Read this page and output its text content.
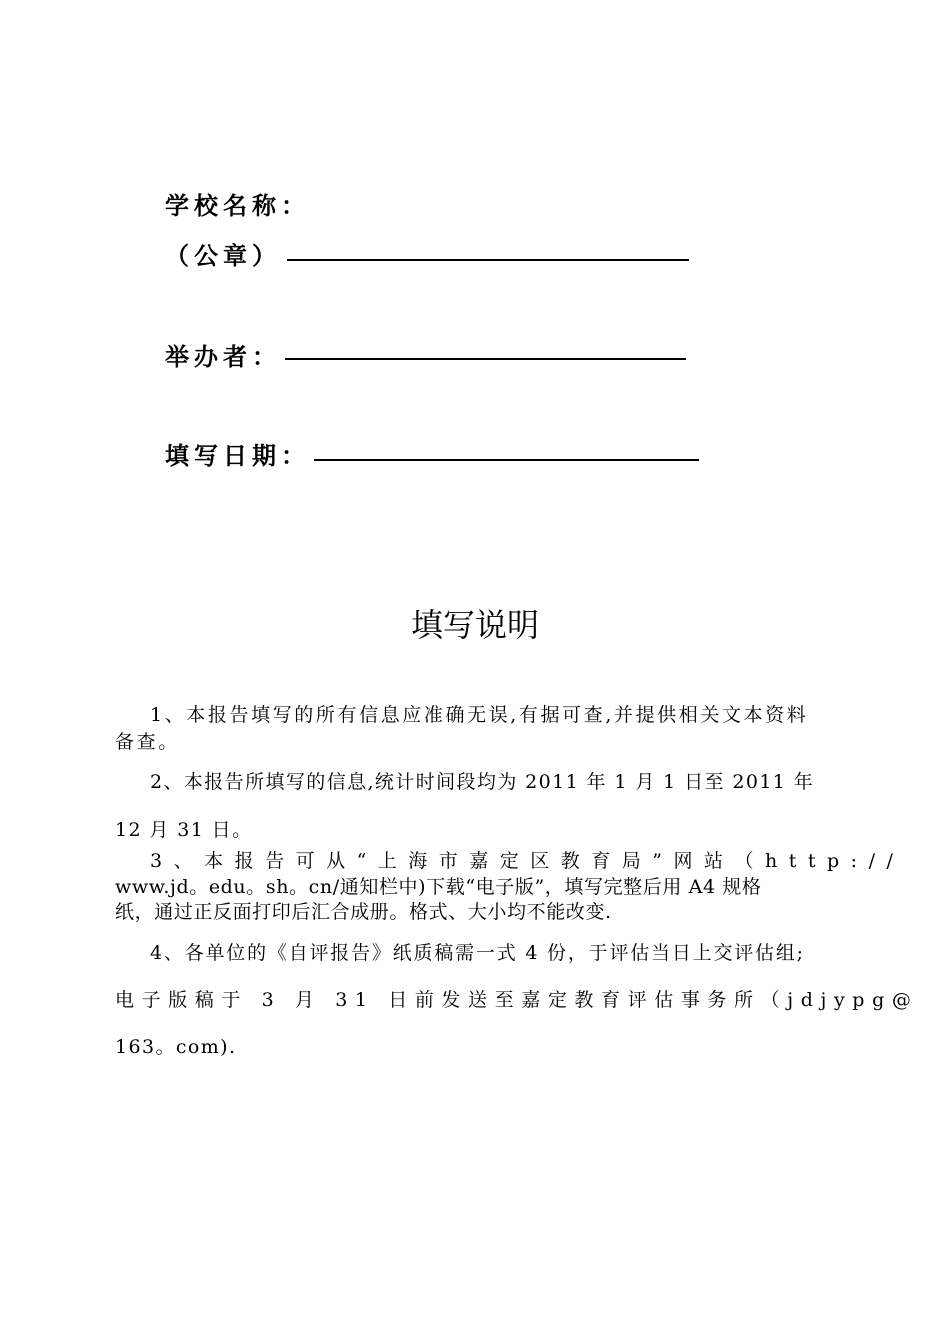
学校名称：
（公章）
举办者：
填写日期：
填写说明
1、本报告填写的所有信息应准确无误,有据可查,并提供相关文本资料
备查。
2、本报告所填写的信息,统计时间段均为 2011 年 1 月 1 日至 2011 年
12 月 31 日。
3、本报告可从“上海市嘉定区教育局”网站（http://
www.jd。edu。sh。cn/通知栏中)下载“电子版”，填写完整后用 A4 规格
纸，通过正反面打印后汇合成册。格式、大小均不能改变.
4、各单位的《自评报告》纸质稿需一式 4 份，于评估当日上交评估组;
电子版稿于 3 月 31 日前发送至嘉定教育评估事务所（jdjypg@
163。com).
